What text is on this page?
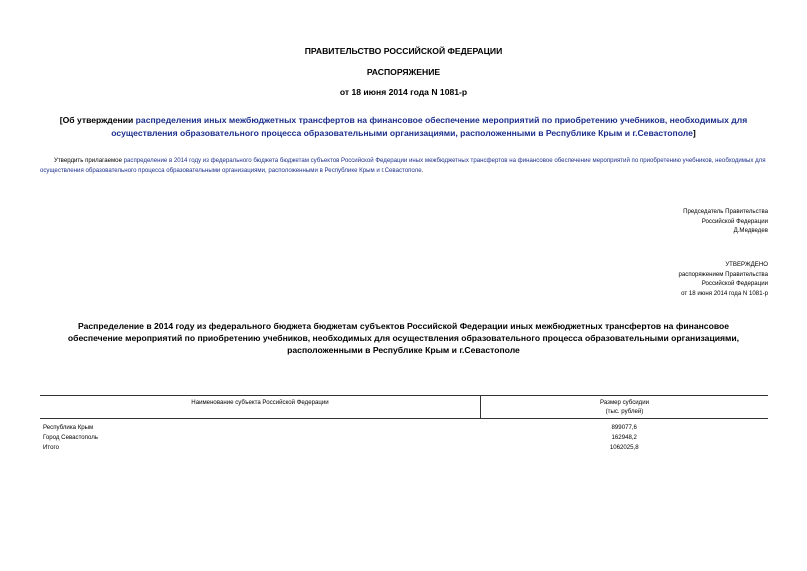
ПРАВИТЕЛЬСТВО РОССИЙСКОЙ ФЕДЕРАЦИИ
РАСПОРЯЖЕНИЕ
от 18 июня 2014 года N 1081-р
[Об утверждении распределения иных межбюджетных трансфертов на финансовое обеспечение мероприятий по приобретению учебников, необходимых для осуществления образовательного процесса образовательными организациями, расположенными в Республике Крым и г.Севастополе]
Утвердить прилагаемое распределение в 2014 году из федерального бюджета бюджетам субъектов Российской Федерации иных межбюджетных трансфертов на финансовое обеспечение мероприятий по приобретению учебников, необходимых для осуществления образовательного процесса образовательными организациями, расположенными в Республике Крым и г.Севастополе.
Председатель Правительства
Российской Федерации
Д.Медведев
УТВЕРЖДЕНО
распоряжением Правительства
Российской Федерации
от 18 июня 2014 года N 1081-р
Распределение в 2014 году из федерального бюджета бюджетам субъектов Российской Федерации иных межбюджетных трансфертов на финансовое обеспечение мероприятий по приобретению учебников, необходимых для осуществления образовательного процесса образовательными организациями, расположенными в Республике Крым и г.Севастополе
Наименование субъекта Российской Федерации	Размер субсидии
(тыс. рублей)

Республика Крым	899077,6
Город Севастополь	162948,2
Итого	1062025,8
